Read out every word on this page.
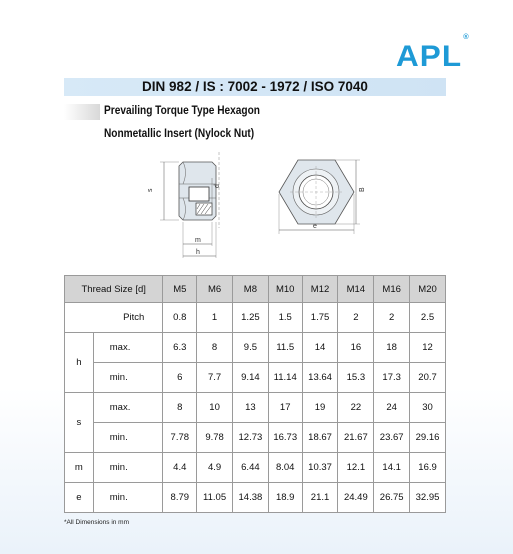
APL®
DIN 982 / IS : 7002 - 1972 / ISO 7040
Prevailing Torque Type Hexagon
Nonmetallic Insert (Nylock Nut)
s
d
m
h
B
e
Thread Size [d]		M5	M6	M8	M10	M12	M14	M16	M20
Pitch		0.8	1	1.25	1.5	1.75	2	2	2.5
h	max.	6.3	8	9.5	11.5	14	16	18	12
	min.	6	7.7	9.14	11.14	13.64	15.3	17.3	20.7
s	max.	8	10	13	17	19	22	24	30
	min.	7.78	9.78	12.73	16.73	18.67	21.67	23.67	29.16
m	min.	4.4	4.9	6.44	8.04	10.37	12.1	14.1	16.9
e	min.	8.79	11.05	14.38	18.9	21.1	24.49	26.75	32.95
*All Dimensions in mm
